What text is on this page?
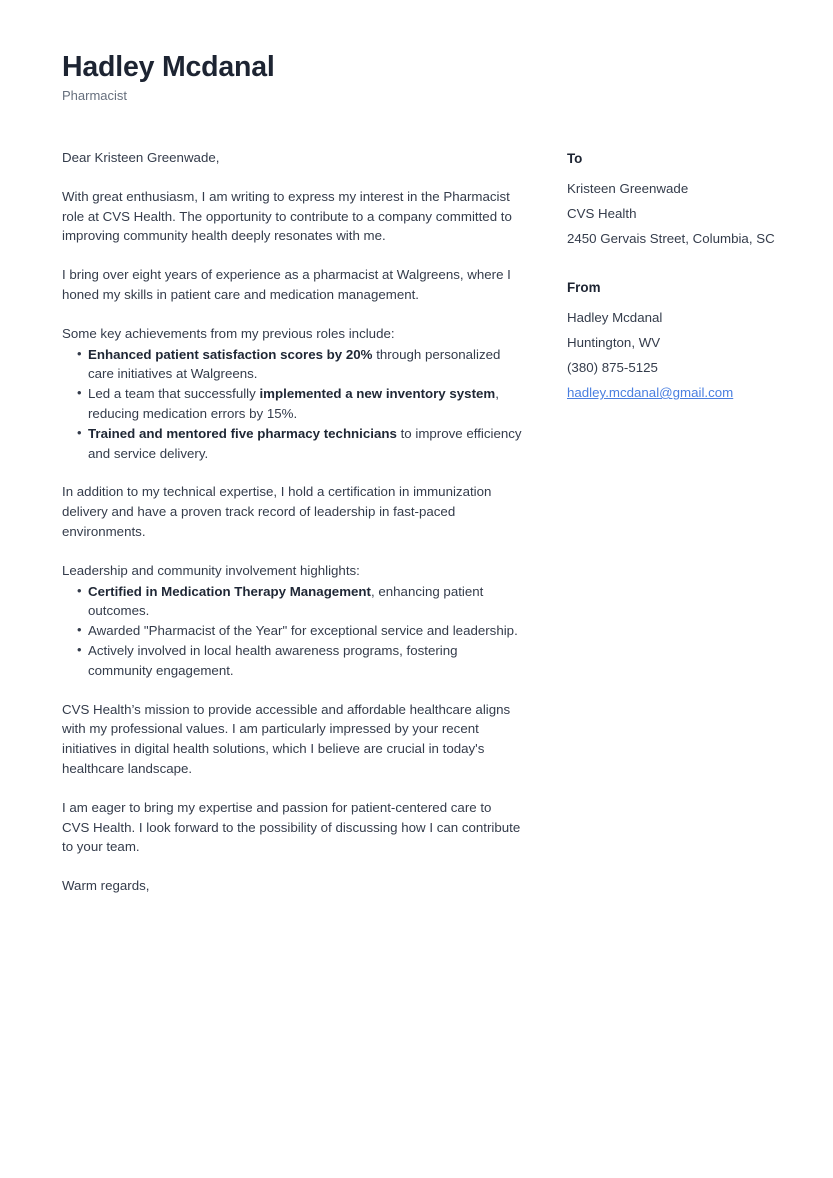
Hadley Mcdanal
Pharmacist

Dear Kristeen Greenwade,

With great enthusiasm, I am writing to express my interest in the Pharmacist role at CVS Health. The opportunity to contribute to a company committed to improving community health deeply resonates with me.

I bring over eight years of experience as a pharmacist at Walgreens, where I honed my skills in patient care and medication management.

Some key achievements from my previous roles include:

• Enhanced patient satisfaction scores by 20% through personalized care initiatives at Walgreens.
• Led a team that successfully implemented a new inventory system, reducing medication errors by 15%.
• Trained and mentored five pharmacy technicians to improve efficiency and service delivery.

In addition to my technical expertise, I hold a certification in immunization delivery and have a proven track record of leadership in fast-paced environments.

Leadership and community involvement highlights:

• Certified in Medication Therapy Management, enhancing patient outcomes.
• Awarded "Pharmacist of the Year" for exceptional service and leadership.
• Actively involved in local health awareness programs, fostering community engagement.

CVS Health’s mission to provide accessible and affordable healthcare aligns with my professional values. I am particularly impressed by your recent initiatives in digital health solutions, which I believe are crucial in today's healthcare landscape.

I am eager to bring my expertise and passion for patient-centered care to CVS Health. I look forward to the possibility of discussing how I can contribute to your team.

Warm regards,

To
Kristeen Greenwade
CVS Health
2450 Gervais Street, Columbia, SC
From
Hadley Mcdanal
Huntington, WV
(380) 875-5125
hadley.mcdanal@gmail.com
